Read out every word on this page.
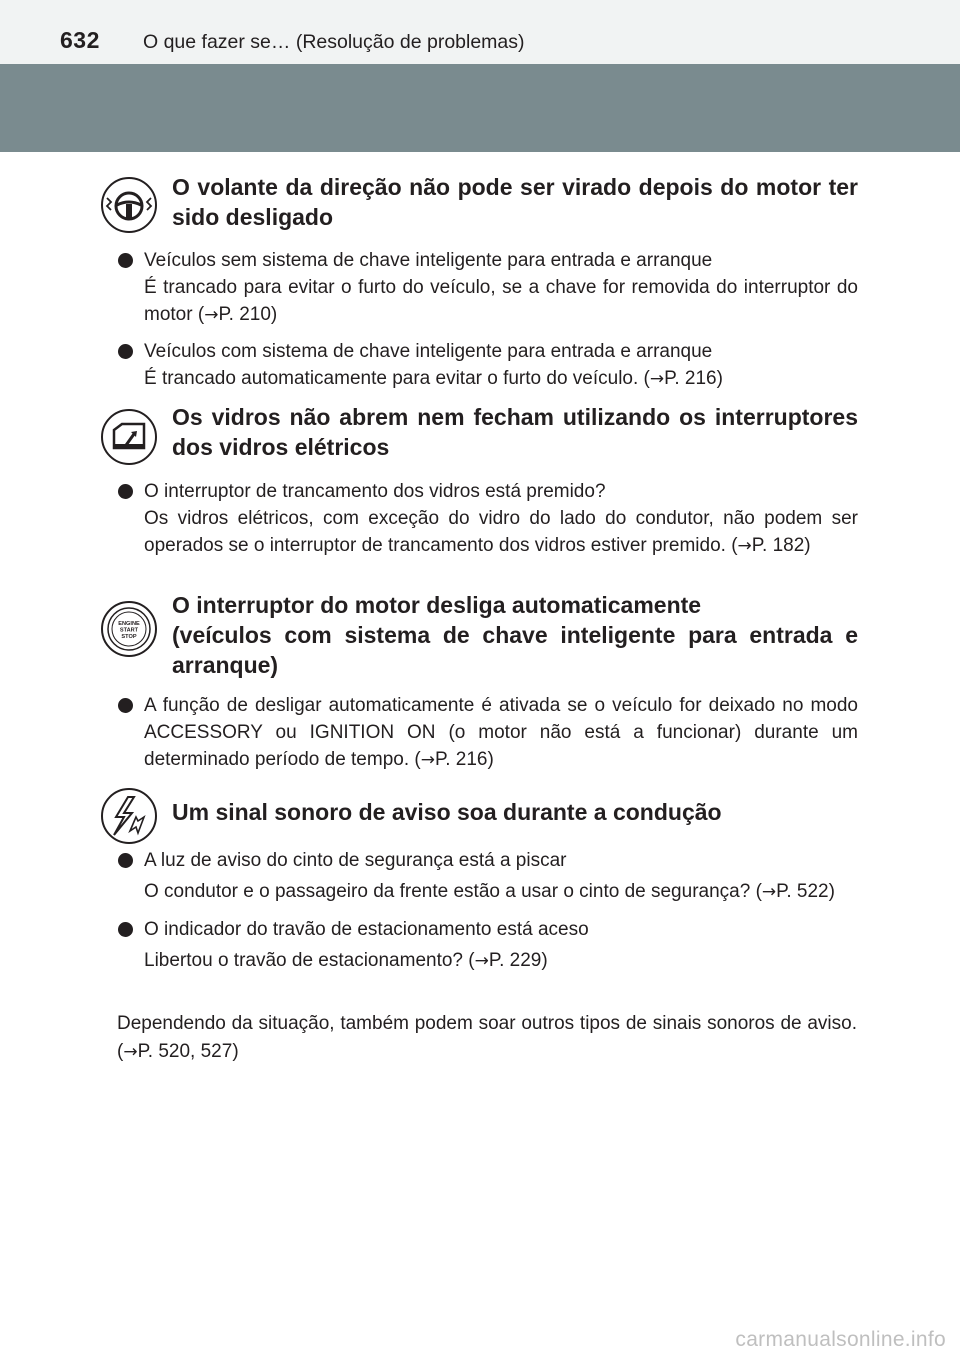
632 O que fazer se… (Resolução de problemas)
O volante da direção não pode ser virado depois do motor ter sido desligado
Veículos sem sistema de chave inteligente para entrada e arranque
É trancado para evitar o furto do veículo, se a chave for removida do interruptor do motor (→P. 210)
Veículos com sistema de chave inteligente para entrada e arranque
É trancado automaticamente para evitar o furto do veículo. (→P. 216)
Os vidros não abrem nem fecham utilizando os interruptores dos vidros elétricos
O interruptor de trancamento dos vidros está premido?
Os vidros elétricos, com exceção do vidro do lado do condutor, não podem ser operados se o interruptor de trancamento dos vidros estiver premido. (→P. 182)
ENGINE
START
STOP
O interruptor do motor desliga automaticamente
(veículos com sistema de chave inteligente para entrada e arranque)
A função de desligar automaticamente é ativada se o veículo for deixado no modo ACCESSORY ou IGNITION ON (o motor não está a funcionar) durante um determinado período de tempo. (→P. 216)
Um sinal sonoro de aviso soa durante a condução
A luz de aviso do cinto de segurança está a piscar
O condutor e o passageiro da frente estão a usar o cinto de segurança? (→P. 522)
O indicador do travão de estacionamento está aceso
Libertou o travão de estacionamento? (→P. 229)
Dependendo da situação, também podem soar outros tipos de sinais sonoros de aviso. (→P. 520, 527)
carmanualsonline.info
